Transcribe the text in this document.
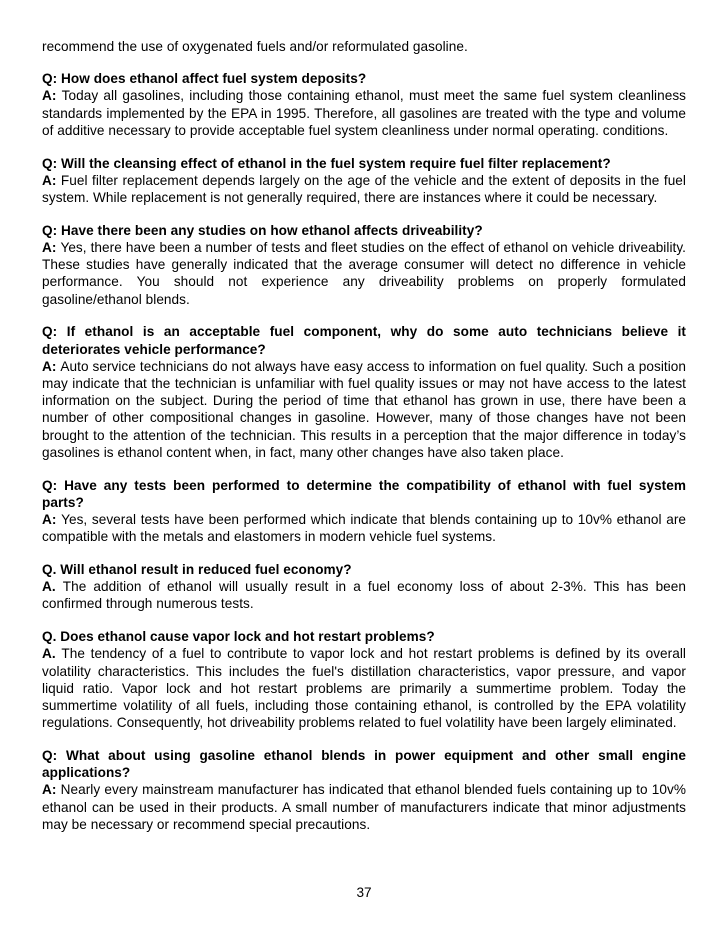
recommend the use of oxygenated fuels and/or reformulated gasoline.

Q: How does ethanol affect fuel system deposits?

A: Today all gasolines, including those containing ethanol, must meet the same fuel system cleanliness standards implemented by the EPA in 1995. Therefore, all gasolines are treated with the type and volume of additive necessary to provide acceptable fuel system cleanliness under normal operating. conditions.

Q: Will the cleansing effect of ethanol in the fuel system require fuel filter replacement?

A: Fuel filter replacement depends largely on the age of the vehicle and the extent of deposits in the fuel system. While replacement is not generally required, there are instances where it could be necessary.

Q: Have there been any studies on how ethanol affects driveability?

A: Yes, there have been a number of tests and fleet studies on the effect of ethanol on vehicle driveability. These studies have generally indicated that the average consumer will detect no difference in vehicle performance. You should not experience any driveability problems on properly formulated gasoline/ethanol blends.

Q: If ethanol is an acceptable fuel component, why do some auto technicians believe it deteriorates vehicle performance?

A: Auto service technicians do not always have easy access to information on fuel quality. Such a position may indicate that the technician is unfamiliar with fuel quality issues or may not have access to the latest information on the subject. During the period of time that ethanol has grown in use, there have been a number of other compositional changes in gasoline. However, many of those changes have not been brought to the attention of the technician. This results in a perception that the major difference in today’s gasolines is ethanol content when, in fact, many other changes have also taken place.

Q: Have any tests been performed to determine the compatibility of ethanol with fuel system parts?

A: Yes, several tests have been performed which indicate that blends containing up to 10v% ethanol are compatible with the metals and elastomers in modern vehicle fuel systems.

Q. Will ethanol result in reduced fuel economy?

A. The addition of ethanol will usually result in a fuel economy loss of about 2-3%. This has been confirmed through numerous tests.

Q. Does ethanol cause vapor lock and hot restart problems?

A. The tendency of a fuel to contribute to vapor lock and hot restart problems is defined by its overall volatility characteristics. This includes the fuel's distillation characteristics, vapor pressure, and vapor liquid ratio. Vapor lock and hot restart problems are primarily a summertime problem. Today the summertime volatility of all fuels, including those containing ethanol, is controlled by the EPA volatility regulations. Consequently, hot driveability problems related to fuel volatility have been largely eliminated.

Q: What about using gasoline ethanol blends in power equipment and other small engine applications?

A: Nearly every mainstream manufacturer has indicated that ethanol blended fuels containing up to 10v% ethanol can be used in their products. A small number of manufacturers indicate that minor adjustments may be necessary or recommend special precautions.

37
